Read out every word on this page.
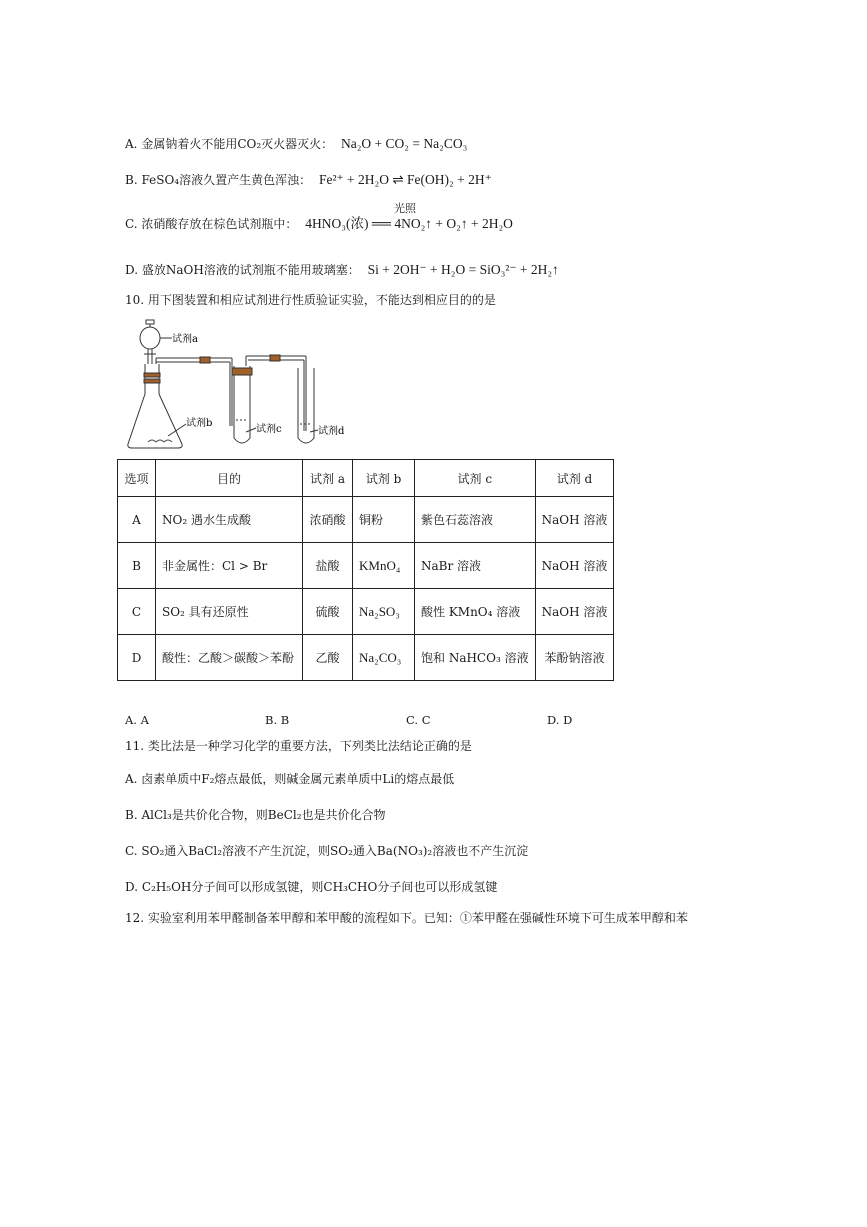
A. 金属钠着火不能用CO₂灭火器灭火： Na₂O + CO₂ = Na₂CO₃
B. FeSO₄溶液久置产生黄色浑浊： Fe²⁺ + 2H₂O ⇌ Fe(OH)₂ + 2H⁺
光照
C. 浓硝酸存放在棕色试剂瓶中： 4HNO₃(浓) ══ 4NO₂↑ + O₂↑ + 2H₂O
D. 盛放NaOH溶液的试剂瓶不能用玻璃塞： Si + 2OH⁻ + H₂O = SiO₃²⁻ + 2H₂↑
10. 用下图装置和相应试剂进行性质验证实验，不能达到相应目的的是
试剂a
试剂b
试剂c	试剂d
选项	目的	试剂 a	试剂 b	试剂 c	试剂 d
A	NO₂ 遇水生成酸	浓硝酸	铜粉	紫色石蕊溶液	NaOH 溶液
B	非金属性：Cl > Br	盐酸	KMnO₄	NaBr 溶液	NaOH 溶液
C	SO₂ 具有还原性	硫酸	Na₂SO₃	酸性 KMnO₄ 溶液	NaOH 溶液
D	酸性：乙酸＞碳酸＞苯酚	乙酸	Na₂CO₃	饱和 NaHCO₃ 溶液	苯酚钠溶液
A. A	B. B	C. C	D. D
11. 类比法是一种学习化学的重要方法，下列类比法结论正确的是
A. 卤素单质中F₂熔点最低，则碱金属元素单质中Li的熔点最低
B. AlCl₃是共价化合物，则BeCl₂也是共价化合物
C. SO₂通入BaCl₂溶液不产生沉淀，则SO₂通入Ba(NO₃)₂溶液也不产生沉淀
D. C₂H₅OH分子间可以形成氢键，则CH₃CHO分子间也可以形成氢键
12. 实验室利用苯甲醛制备苯甲醇和苯甲酸的流程如下。已知：①苯甲醛在强碱性环境下可生成苯甲醇和苯
